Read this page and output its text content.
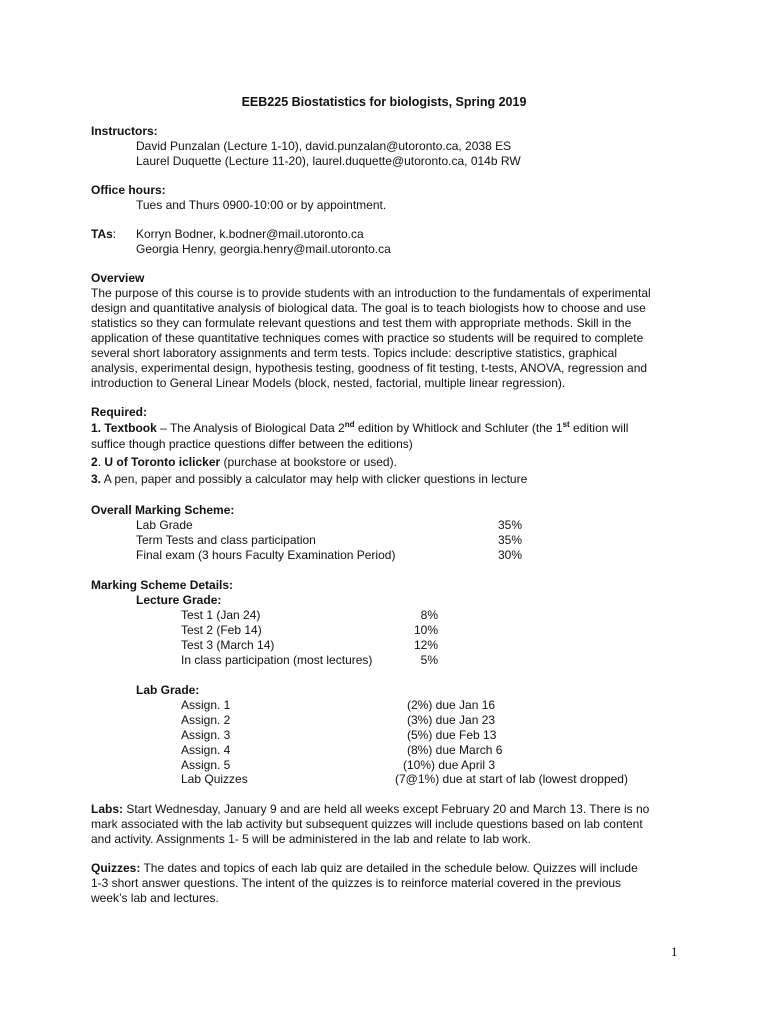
EEB225 Biostatistics for biologists, Spring 2019
Instructors:
David Punzalan (Lecture 1-10), david.punzalan@utoronto.ca, 2038 ES
Laurel Duquette (Lecture 11-20), laurel.duquette@utoronto.ca, 014b RW
Office hours:
Tues and Thurs 0900-10:00 or by appointment.
TAs: Korryn Bodner, k.bodner@mail.utoronto.ca
Georgia Henry, georgia.henry@mail.utoronto.ca
Overview
The purpose of this course is to provide students with an introduction to the fundamentals of experimental
design and quantitative analysis of biological data. The goal is to teach biologists how to choose and use
statistics so they can formulate relevant questions and test them with appropriate methods. Skill in the
application of these quantitative techniques comes with practice so students will be required to complete
several short laboratory assignments and term tests. Topics include: descriptive statistics, graphical
analysis, experimental design, hypothesis testing, goodness of fit testing, t-tests, ANOVA, regression and
introduction to General Linear Models (block, nested, factorial, multiple linear regression).
Required:
1. Textbook – The Analysis of Biological Data 2nd edition by Whitlock and Schluter (the 1st edition will
suffice though practice questions differ between the editions)
2. U of Toronto iclicker (purchase at bookstore or used).
3. A pen, paper and possibly a calculator may help with clicker questions in lecture
Overall Marking Scheme:
Lab Grade	35%
Term Tests and class participation	35%
Final exam (3 hours Faculty Examination Period)	30%
Marking Scheme Details:
Lecture Grade:
Test 1 (Jan 24)	8%
Test 2 (Feb 14)	10%
Test 3 (March 14)	12%
In class participation (most lectures)	5%
Lab Grade:
Assign. 1	(2%) due Jan 16
Assign. 2	(3%) due Jan 23
Assign. 3	(5%) due Feb 13
Assign. 4	(8%) due March 6
Assign. 5	(10%) due April 3
Lab Quizzes	(7@1%) due at start of lab (lowest dropped)
Labs: Start Wednesday, January 9 and are held all weeks except February 20 and March 13. There is no
mark associated with the lab activity but subsequent quizzes will include questions based on lab content
and activity. Assignments 1- 5 will be administered in the lab and relate to lab work.
Quizzes: The dates and topics of each lab quiz are detailed in the schedule below. Quizzes will include
1-3 short answer questions. The intent of the quizzes is to reinforce material covered in the previous
week’s lab and lectures.
1
